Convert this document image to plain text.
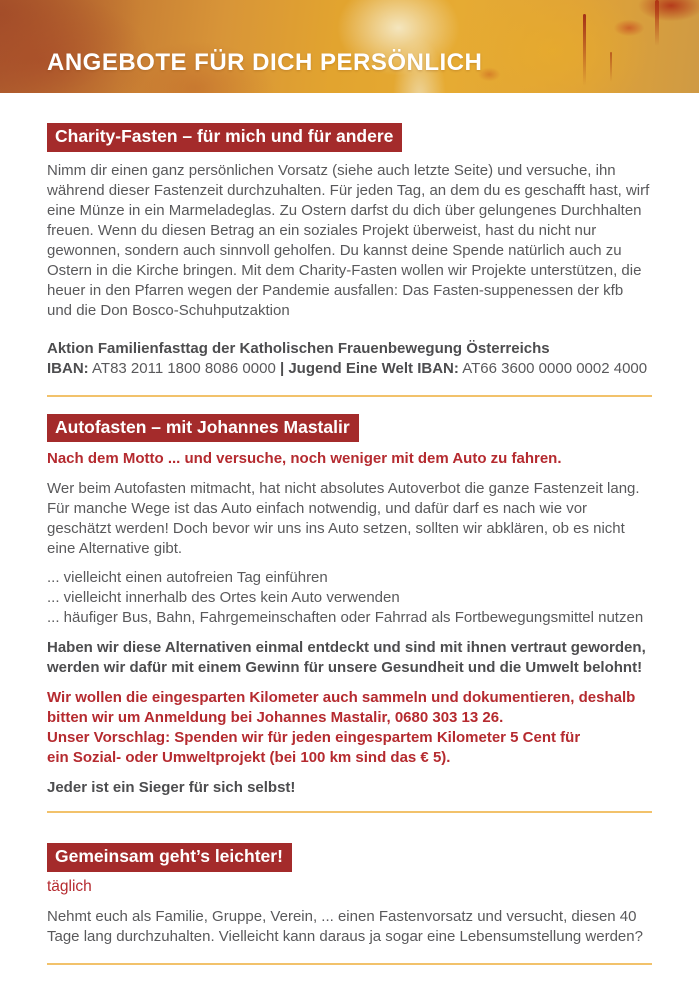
ANGEBOTE FÜR DICH PERSÖNLICH
Charity-Fasten – für mich und für andere

Nimm dir einen ganz persönlichen Vorsatz (siehe auch letzte Seite) und versuche, ihn während dieser Fastenzeit durchzuhalten. Für jeden Tag, an dem du es geschafft hast, wirf eine Münze in ein Marmeladeglas. Zu Ostern darfst du dich über gelungenes Durchhalten freuen. Wenn du diesen Betrag an ein soziales Projekt überweist, hast du nicht nur gewonnen, sondern auch sinnvoll geholfen. Du kannst deine Spende natürlich auch zu Ostern in die Kirche bringen. Mit dem Charity-Fasten wollen wir Projekte unterstützen, die heuer in den Pfarren wegen der Pandemie ausfallen: Das Fasten-suppenessen der kfb und die Don Bosco-Schuhputzaktion

Aktion Familienfasttag der Katholischen Frauenbewegung Österreichs
IBAN: AT83 2011 1800 8086 0000 | Jugend Eine Welt IBAN: AT66 3600 0000 0002 4000
Autofasten – mit Johannes Mastalir

Nach dem Motto ... und versuche, noch weniger mit dem Auto zu fahren.

Wer beim Autofasten mitmacht, hat nicht absolutes Autoverbot die ganze Fastenzeit lang. Für manche Wege ist das Auto einfach notwendig, und dafür darf es nach wie vor geschätzt werden! Doch bevor wir uns ins Auto setzen, sollten wir abklären, ob es nicht eine Alternative gibt.

... vielleicht einen autofreien Tag einführen
... vielleicht innerhalb des Ortes kein Auto verwenden
... häufiger Bus, Bahn, Fahrgemeinschaften oder Fahrrad als Fortbewegungsmittel nutzen

Haben wir diese Alternativen einmal entdeckt und sind mit ihnen vertraut geworden, werden wir dafür mit einem Gewinn für unsere Gesundheit und die Umwelt belohnt!

Wir wollen die eingesparten Kilometer auch sammeln und dokumentieren, deshalb bitten wir um Anmeldung bei Johannes Mastalir, 0680 303 13 26.
Unser Vorschlag: Spenden wir für jeden eingespartem Kilometer 5 Cent für
ein Sozial- oder Umweltprojekt (bei 100 km sind das € 5).

Jeder ist ein Sieger für sich selbst!

Gemeinsam geht’s leichter!

täglich

Nehmt euch als Familie, Gruppe, Verein, ... einen Fastenvorsatz und versucht, diesen 40 Tage lang durchzuhalten. Vielleicht kann daraus ja sogar eine Lebensumstellung werden?
